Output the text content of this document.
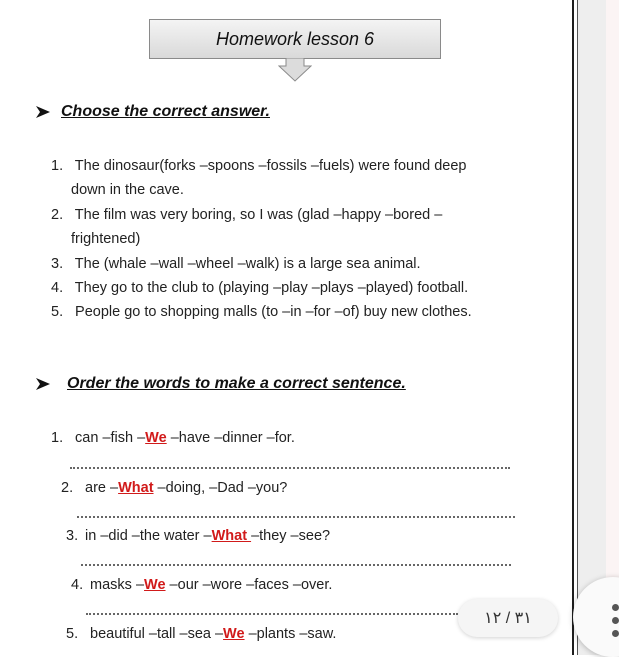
Homework lesson 6
Choose the correct answer.
1. The dinosaur(forks –spoons –fossils –fuels) were found deep
down in the cave.
2. The film was very boring, so I was (glad –happy –bored –
frightened)
3. The (whale –wall –wheel –walk) is a large sea animal.
4. They go to the club to (playing –play –plays –played) football.
5. People go to shopping malls (to –in –for –of) buy new clothes.
Order the words to make a correct sentence.
1. can –fish –We –have –dinner –for.
2. are –What –doing, –Dad –you?
3. in –did –the water –What –they –see?
4. masks –We –our –wore –faces –over.
5. beautiful –tall –sea –We –plants –saw.
٣١ / ١٢
